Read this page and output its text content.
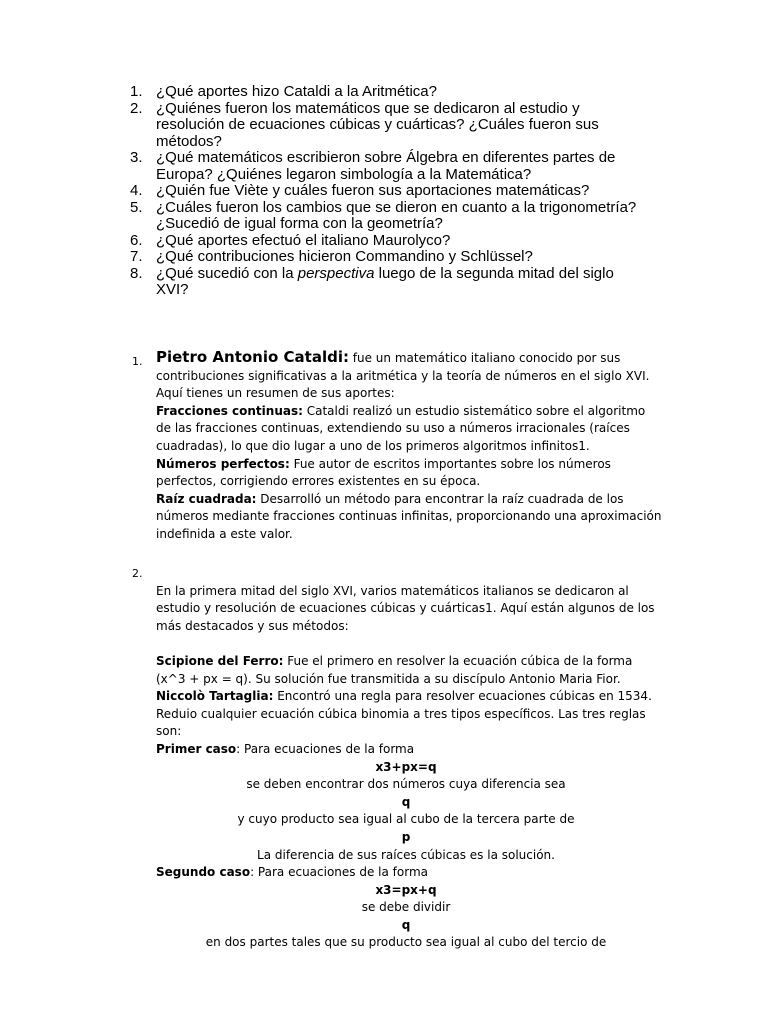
1. ¿Qué aportes hizo Cataldi a la Aritmética?
2. ¿Quiénes fueron los matemáticos que se dedicaron al estudio y resolución de ecuaciones cúbicas y cuárticas? ¿Cuáles fueron sus métodos?
3. ¿Qué matemáticos escribieron sobre Álgebra en diferentes partes de Europa? ¿Quiénes legaron simbología a la Matemática?
4. ¿Quién fue Viète y cuáles fueron sus aportaciones matemáticas?
5. ¿Cuáles fueron los cambios que se dieron en cuanto a la trigonometría? ¿Sucedió de igual forma con la geometría?
6. ¿Qué aportes efectuó el italiano Maurolyco?
7. ¿Qué contribuciones hicieron Commandino y Schlüssel?
8. ¿Qué sucedió con la perspectiva luego de la segunda mitad del siglo XVI?
1. Pietro Antonio Cataldi: fue un matemático italiano conocido por sus contribuciones significativas a la aritmética y la teoría de números en el siglo XVI. Aquí tienes un resumen de sus aportes:

Fracciones continuas: Cataldi realizó un estudio sistemático sobre el algoritmo de las fracciones continuas, extendiendo su uso a números irracionales (raíces cuadradas), lo que dio lugar a uno de los primeros algoritmos infinitos1.

Números perfectos: Fue autor de escritos importantes sobre los números perfectos, corrigiendo errores existentes en su época.

Raíz cuadrada: Desarrolló un método para encontrar la raíz cuadrada de los números mediante fracciones continuas infinitas, proporcionando una aproximación indefinida a este valor.

2.

En la primera mitad del siglo XVI, varios matemáticos italianos se dedicaron al estudio y resolución de ecuaciones cúbicas y cuárticas1. Aquí están algunos de los más destacados y sus métodos:

Scipione del Ferro: Fue el primero en resolver la ecuación cúbica de la forma (x^3 + px = q). Su solución fue transmitida a su discípulo Antonio Maria Fior.

Niccolò Tartaglia: Encontró una regla para resolver ecuaciones cúbicas en 1534. Reduio cualquier ecuación cúbica binomia a tres tipos específicos. Las tres reglas son:

Primer caso: Para ecuaciones de la forma

x3+px=q

se deben encontrar dos números cuya diferencia sea

q

y cuyo producto sea igual al cubo de la tercera parte de

p

La diferencia de sus raíces cúbicas es la solución.

Segundo caso: Para ecuaciones de la forma

x3=px+q

se debe dividir

q

en dos partes tales que su producto sea igual al cubo del tercio de
